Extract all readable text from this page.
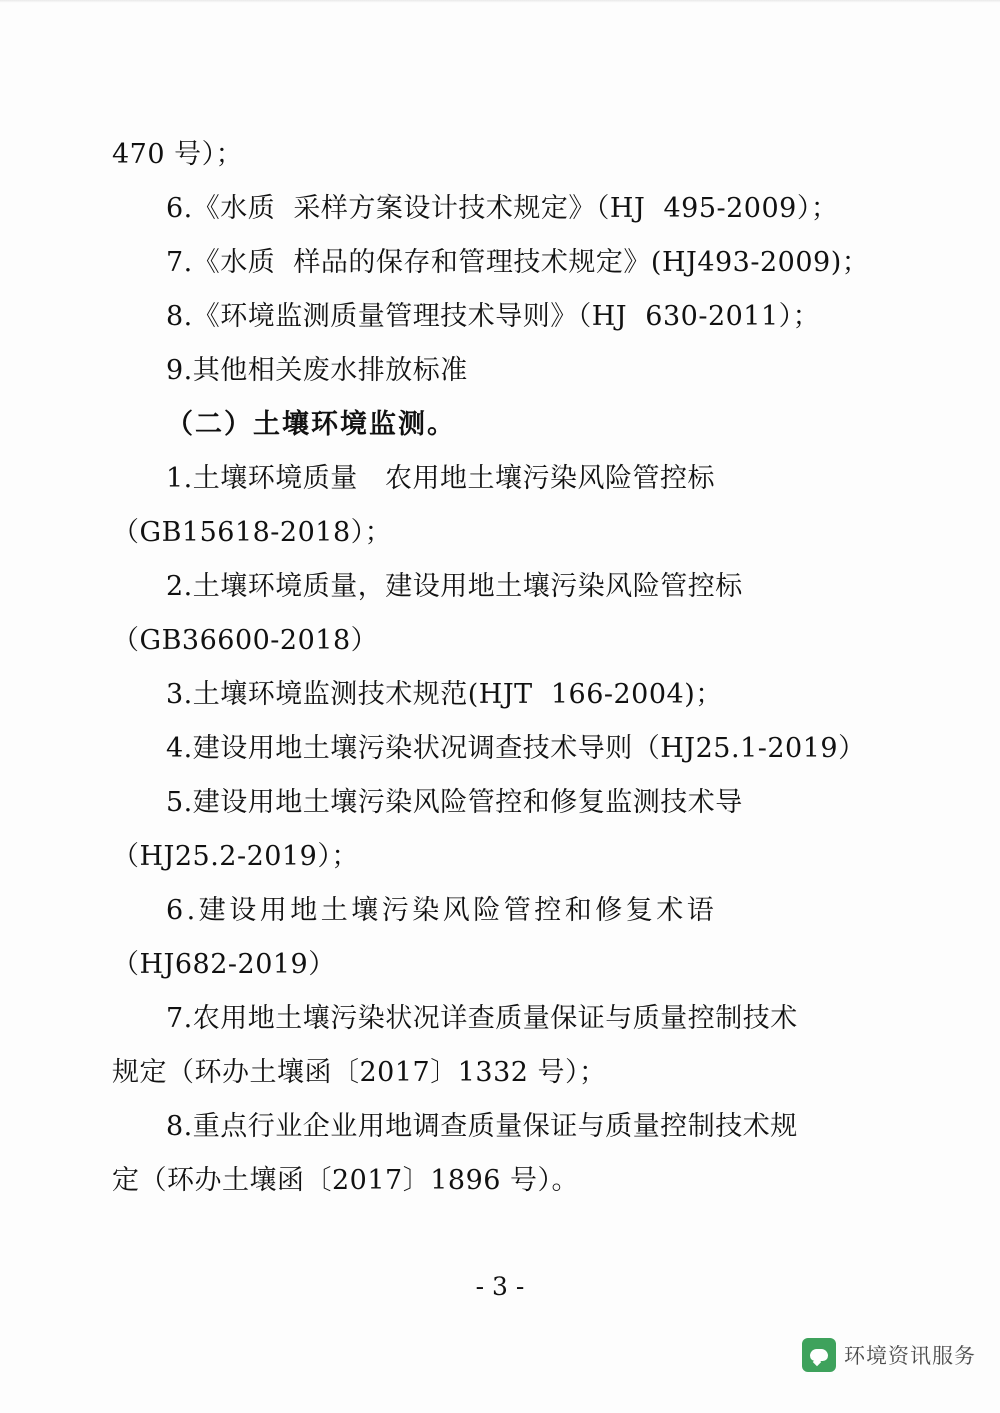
470 号）；
6.《水质  采样方案设计技术规定》（HJ  495-2009）；
7.《水质  样品的保存和管理技术规定》(HJ493-2009)；
8.《环境监测质量管理技术导则》（HJ  630-2011）；
9.其他相关废水排放标准
（二）土壤环境监测。
1.土壤环境质量   农用地土壤污染风险管控标
（GB15618-2018）；
2.土壤环境质量，建设用地土壤污染风险管控标
（GB36600-2018）
3.土壤环境监测技术规范(HJT  166-2004)；
4.建设用地土壤污染状况调查技术导则（HJ25.1-2019）
5.建设用地土壤污染风险管控和修复监测技术导
（HJ25.2-2019）；
6.建设用地土壤污染风险管控和修复术语
（HJ682-2019）
7.农用地土壤污染状况详查质量保证与质量控制技术
规定（环办土壤函〔2017〕1332 号）；
8.重点行业企业用地调查质量保证与质量控制技术规
定（环办土壤函〔2017〕1896 号）。
- 3 -
环境资讯服务
